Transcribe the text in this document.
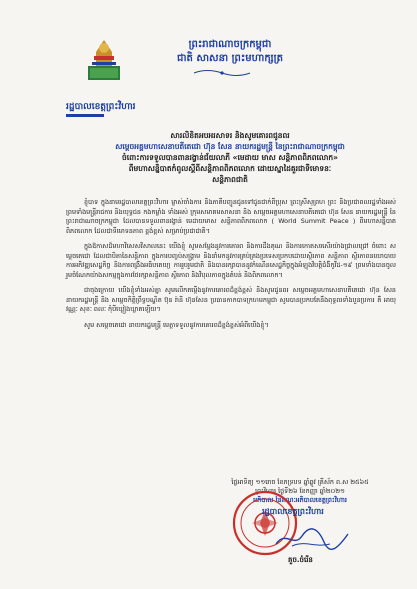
ព្រះរាជាណាចក្រកម្ពុជា
ជាតិ សាសនា ព្រះមហាក្សត្រ
រដ្ឋបាលខេត្តព្រះវិហារ
សារលិខិតអបអរសាទរ និងសូមគោរពជូនពរ
សម្តេចអគ្គមហាសេនាបតីតេជោ ហ៊ុន សែន នាយករដ្ឋមន្ត្រី នៃព្រះរាជាណាចក្រកម្ពុជា
ចំពោះការទទួលបានពានរង្វាន់ជ័យលាភី «មេដាយ មាស សន្តិភាពពិភពលោក»
ពីមហាសន្និបាតកំពូលស្តីពីសន្តិភាពពិភពលោក ដោយស្នាដៃគួរជាទីមោទនៈ
សន្តិភាពជាតិ

ខ្ញុំបាទ ក្នុងនាមរដ្ឋបាលខេត្តព្រះវិហារ ម្ចាស់ចាំងការ និងភាគីបញ្ជូនជូនទៅជូនជាក់ពីប្រុស ព្រះស្រីសុព្រហ ព្រះ និងប្រជាពលរដ្ឋទាំងអស់ ព្រមទាំងមន្ត្រីរាជការ និងយុទ្ធជន កងកម្លាំង ទាំងអស់ ក្រុមសមាគមសាសនា និង សម្តេចអគ្គមហាសេនាបតីតេជោ ហ៊ុន សែន នាយករដ្ឋមន្ត្រី នៃព្រះរាជាណាចក្រកម្ពុជា ដែលបានទទួលពានរង្វាន់ មេដាយមាស សន្តិភាពពិភពលោក ( World Summit Peace ) ពីមហាសន្និបាតពិភពលោក ដែលជាទីមោទនភាព ខ្ពង់ខ្ពស់ សម្រាប់ប្រជាជាតិ។

ក្នុងឱកាសដ៏មហាវិសេសវិសាលនេះ យើងខ្ញុំ សូមសម្តែងនូវការគោរព និងការដឹងគុណ និងការកោតសរសើរយ៉ាងជ្រាលជ្រៅ ចំពោះ សម្តេចតេជោ ដែលជាបិតានៃសន្តិភាព ក្នុងការបញ្ចប់សង្គ្រាម និងនាំមកនូវការគ្រប់គ្រងប្រទេសប្រកបដោយស្ថិរភាព សន្តិភាព ស្ថិរភាពនយោបាយ ការអភិវឌ្ឍសេដ្ឋកិច្ច និងការពង្រឹងអធិបតេយ្យ ការរួបរួមជាតិ និងបានរក្សាបាននូវកំណើនសេដ្ឋកិច្ចក្នុងអំឡុងវិបត្តិជំងឺកូវីដ-១៩ ព្រមទាំងបានចូលរួមចំណែកយ៉ាងសកម្មក្នុងការថែរក្សាសន្តិភាព ស្ថិរភាព និងវិបុលភាពក្នុងតំបន់ និងពិភពលោក។

ជាចុងក្រោយ យើងខ្ញុំទាំងអស់គ្នា សូមលើកតម្កើងនូវការគោរពដ៏ខ្ពង់ខ្ពស់ និងសូមជូនពរ សម្តេចអគ្គមហាសេនាបតីតេជោ ហ៊ុន សែន នាយករដ្ឋមន្ត្រី និង សម្តេចកិត្តិព្រឹទ្ធបណ្ឌិត ប៊ុន រ៉ានី ហ៊ុនសែន ប្រធានកាកបាទក្រហមកម្ពុជា សូមបានប្រកបតែនឹងពុទ្ធពរទាំងបួនប្រការ គឺ អាយុ វណ្ណៈ សុខៈ ពលៈ កុំបីឃ្លៀងឃ្លាតឡើយ។

សូម សម្តេចតេជោ នាយករដ្ឋមន្ត្រី មេត្តាទទួលនូវការគោរពដ៏ខ្ពង់ខ្ពស់អំពីយើងខ្ញុំ។

ថ្ងៃអាទិត្យ ១១រោច ខែភទ្របទ ឆ្នាំឆ្លូវ ត្រីស័ក ព.ស ២៥៦៥
ព្រះវិហារ ថ្ងៃទី២៦ ខែកញ្ញា ឆ្នាំ២០២១
អភិបាល នៃគណៈអភិបាលខេត្តព្រះវិហារ
រដ្ឋបាលខេត្តព្រះវិហារ
គួច.ចំរើន
